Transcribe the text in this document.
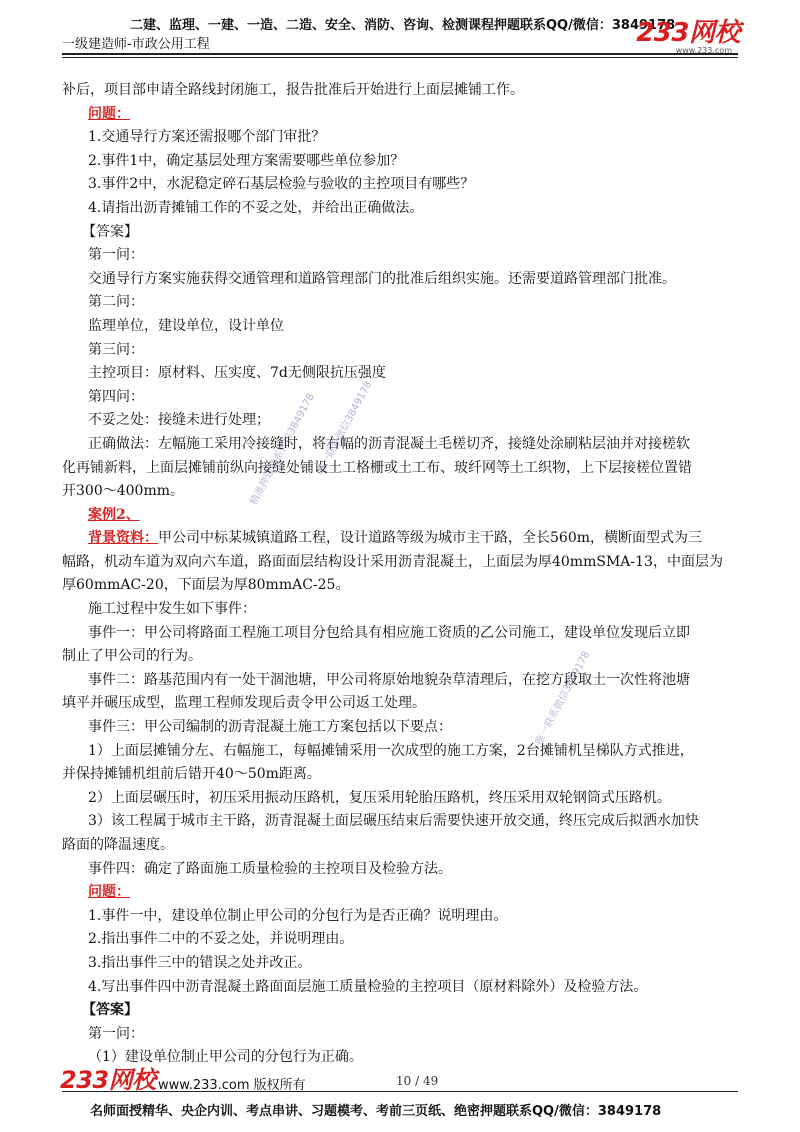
二建、监理、一建、一造、二造、安全、消防、咨询、检测课程押题联系QQ/微信：3849178
一级建造师-市政公用工程	233网校
www.233.com
精准押题联系微信3849178
唯一联系微信3849178
唯一联系微信3849178

补后，项目部申请全路线封闭施工，报告批准后开始进行上面层摊铺工作。

问题：

1.交通导行方案还需报哪个部门审批？

2.事件1中，确定基层处理方案需要哪些单位参加？

3.事件2中，水泥稳定碎石基层检验与验收的主控项目有哪些？

4.请指出沥青摊铺工作的不妥之处，并给出正确做法。

【答案】

第一问：

交通导行方案实施获得交通管理和道路管理部门的批准后组织实施。还需要道路管理部门批准。

第二问：

监理单位，建设单位，设计单位

第三问：

主控项目：原材料、压实度、7d无侧限抗压强度

第四问：

不妥之处：接缝未进行处理；

正确做法：左幅施工采用冷接缝时，将右幅的沥青混凝土毛槎切齐，接缝处涂刷粘层油并对接槎软

化再铺新料，上面层摊铺前纵向接缝处铺设土工格栅或土工布、玻纤网等土工织物，上下层接槎位置错

开300～400mm。

案例2、

背景资料：甲公司中标某城镇道路工程，设计道路等级为城市主干路，全长560m，横断面型式为三

幅路，机动车道为双向六车道，路面面层结构设计采用沥青混凝土，上面层为厚40mmSMA-13，中面层为

厚60mmAC-20，下面层为厚80mmAC-25。

施工过程中发生如下事件：

事件一：甲公司将路面工程施工项目分包给具有相应施工资质的乙公司施工，建设单位发现后立即

制止了甲公司的行为。

事件二：路基范围内有一处干涸池塘，甲公司将原始地貌杂草清理后，在挖方段取土一次性将池塘

填平并碾压成型，监理工程师发现后责令甲公司返工处理。

事件三：甲公司编制的沥青混凝土施工方案包括以下要点：

1）上面层摊铺分左、右幅施工，每幅摊铺采用一次成型的施工方案，2台摊铺机呈梯队方式推进，

并保持摊铺机组前后错开40～50m距离。

2）上面层碾压时，初压采用振动压路机，复压采用轮胎压路机，终压采用双轮钢筒式压路机。

3）该工程属于城市主干路，沥青混凝土面层碾压结束后需要快速开放交通，终压完成后拟洒水加快

路面的降温速度。

事件四：确定了路面施工质量检验的主控项目及检验方法。

问题：

1.事件一中，建设单位制止甲公司的分包行为是否正确？说明理由。

2.指出事件二中的不妥之处，并说明理由。

3.指出事件三中的错误之处并改正。

4.写出事件四中沥青混凝土路面面层施工质量检验的主控项目（原材料除外）及检验方法。

【答案】

第一问：

（1）建设单位制止甲公司的分包行为正确。

233网校 www.233.com 版权所有	10 / 49
名师面授精华、央企内训、考点串讲、习题模考、考前三页纸、绝密押题联系QQ/微信：3849178
